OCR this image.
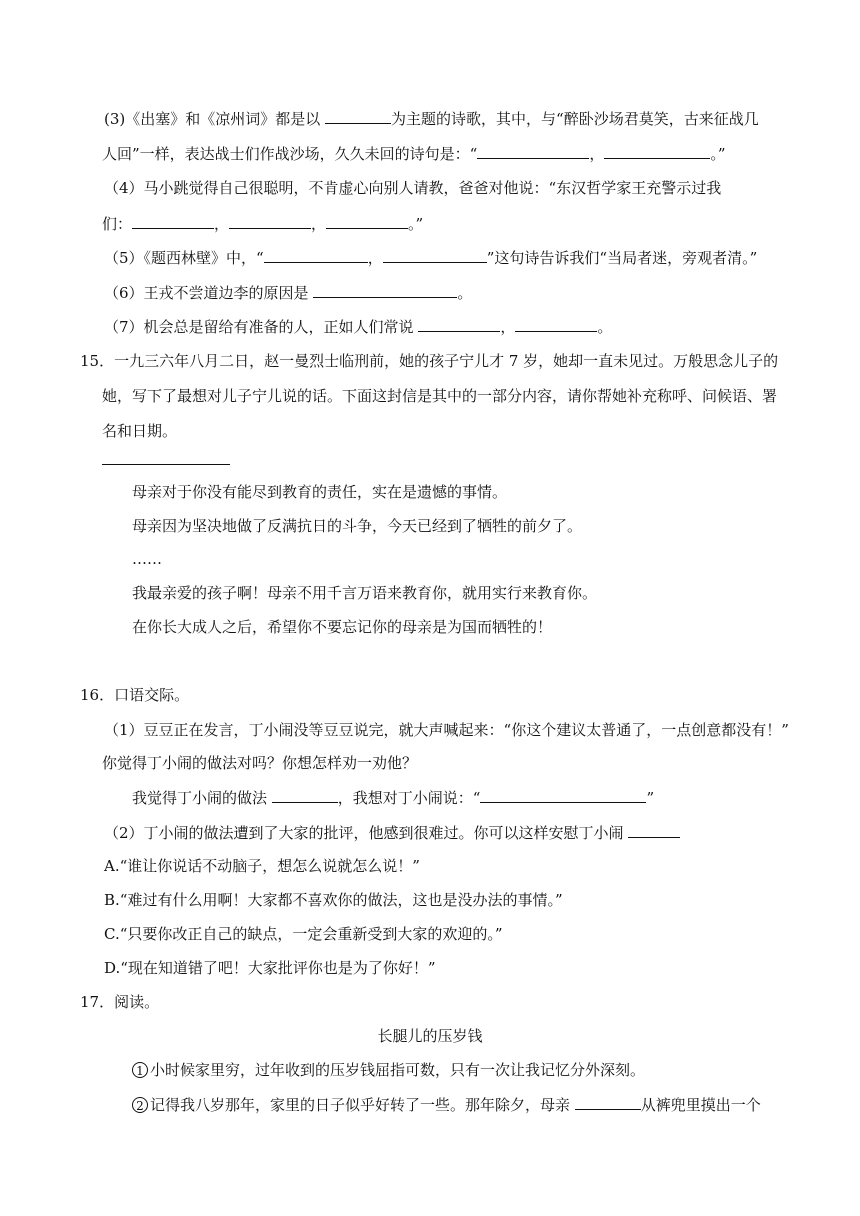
(3)《出塞》和《凉州词》都是以	为主题的诗歌，其中，与“醉卧沙场君莫笑，古来征战几
人回”一样，表达战士们作战沙场，久久未回的诗句是：“	，	。”
（4）马小跳觉得自己很聪明，不肯虚心向别人请教，爸爸对他说：“东汉哲学家王充警示过我
们：	，	，	。”
（5）《题西林壁》中，“	，	”这句诗告诉我们“当局者迷，旁观者清。”
（6）王戎不尝道边李的原因是	。
（7）机会总是留给有准备的人，正如人们常说	，	。
15．一九三六年八月二日，赵一曼烈士临刑前，她的孩子宁儿才 7 岁，她却一直未见过。万般思念儿子的
她，写下了最想对儿子宁儿说的话。下面这封信是其中的一部分内容，请你帮她补充称呼、问候语、署
名和日期。
母亲对于你没有能尽到教育的责任，实在是遗憾的事情。
母亲因为坚决地做了反满抗日的斗争，今天已经到了牺牲的前夕了。
……
我最亲爱的孩子啊！母亲不用千言万语来教育你，就用实行来教育你。
在你长大成人之后，希望你不要忘记你的母亲是为国而牺牲的！
16．口语交际。
（1）豆豆正在发言，丁小闹没等豆豆说完，就大声喊起来：“你这个建议太普通了，一点创意都没有！”
你觉得丁小闹的做法对吗？你想怎样劝一劝他？
我觉得丁小闹的做法	，我想对丁小闹说：“	”
（2）丁小闹的做法遭到了大家的批评，他感到很难过。你可以这样安慰丁小闹
A.“谁让你说话不动脑子，想怎么说就怎么说！”
B.“难过有什么用啊！大家都不喜欢你的做法，这也是没办法的事情。”
C.“只要你改正自己的缺点，一定会重新受到大家的欢迎的。”
D.“现在知道错了吧！大家批评你也是为了你好！”
17．阅读。
长腿儿的压岁钱
1 小时候家里穷，过年收到的压岁钱屈指可数，只有一次让我记忆分外深刻。
2 记得我八岁那年，家里的日子似乎好转了一些。那年除夕，母亲	从裤兜里摸出一个
